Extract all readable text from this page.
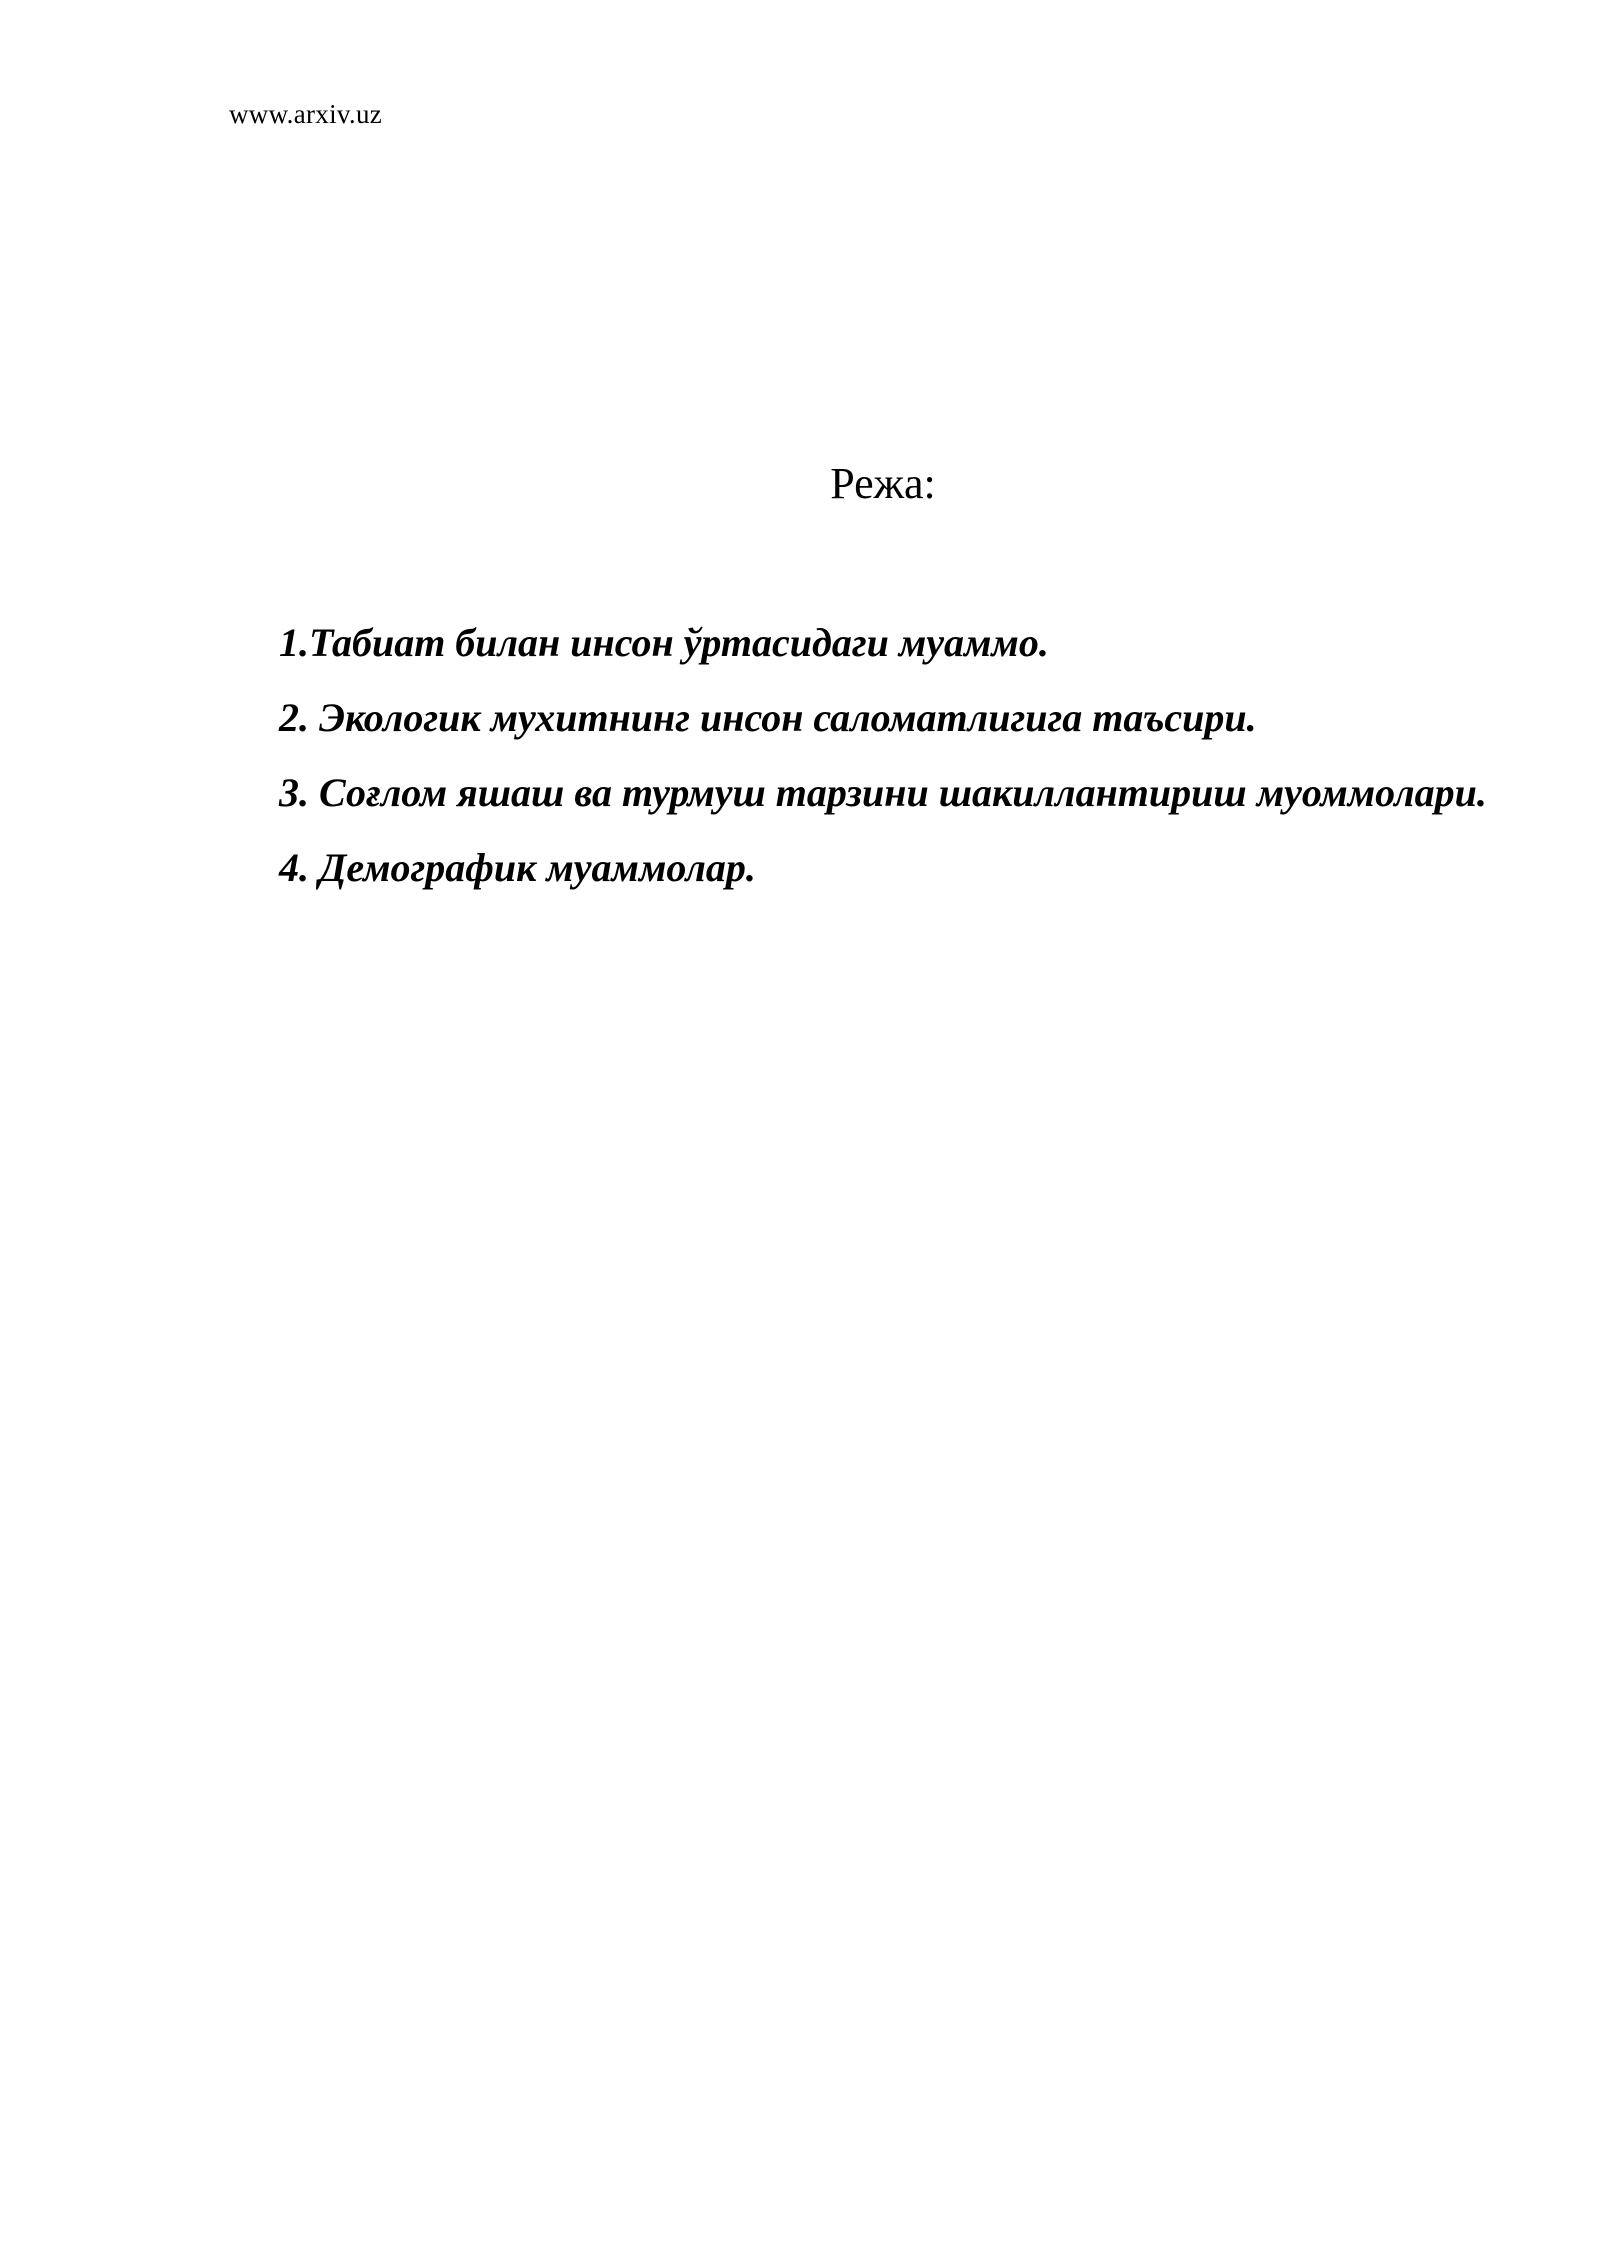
www.arxiv.uz
Режа:
1.Табиат билан инсон ўртасидаги муаммо.
2. Экологик мухитнинг инсон саломатлигига таъсири.
3. Соғлом яшаш ва турмуш тарзини шакиллантириш муоммолари.
4. Демографик муаммолар.
